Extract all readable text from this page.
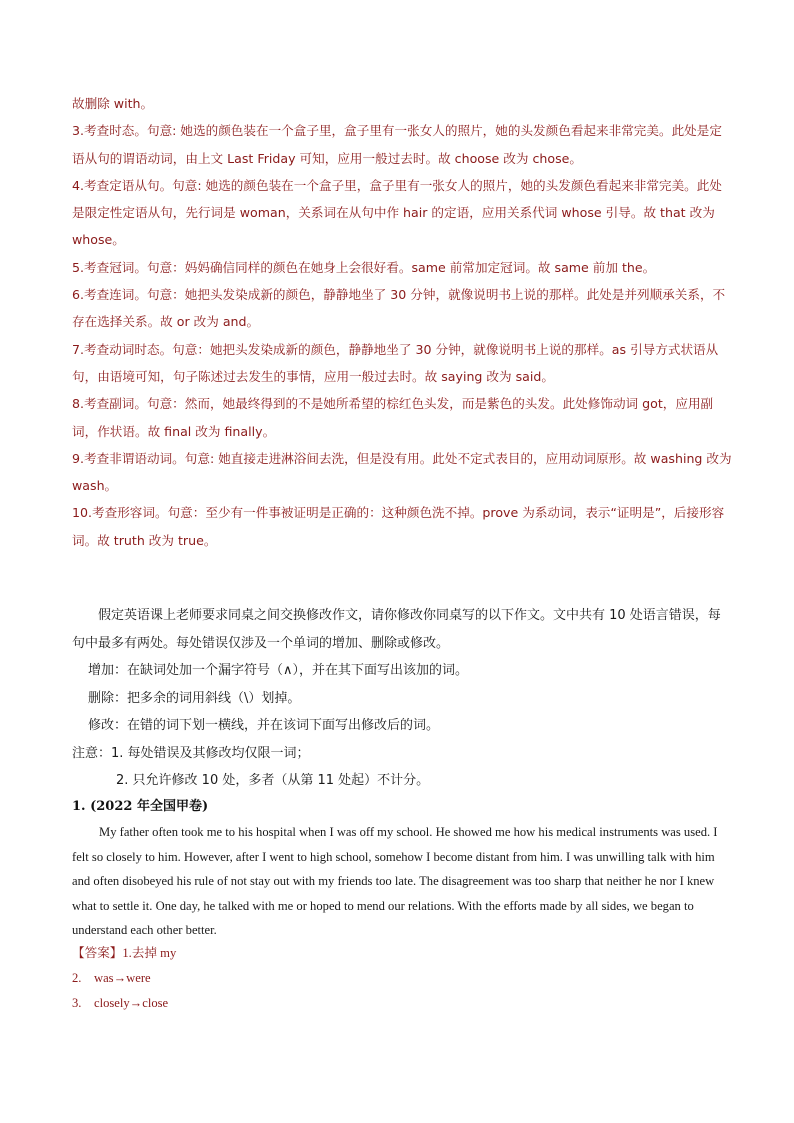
故删除 with。

3.考查时态。句意: 她选的颜色装在一个盒子里，盒子里有一张女人的照片，她的头发颜色看起来非常完美。此处是定语从句的谓语动词，由上文 Last Friday 可知，应用一般过去时。故 choose 改为 chose。

4.考查定语从句。句意: 她选的颜色装在一个盒子里，盒子里有一张女人的照片，她的头发颜色看起来非常完美。此处是限定性定语从句，先行词是 woman，关系词在从句中作 hair 的定语，应用关系代词 whose 引导。故 that 改为 whose。

5.考查冠词。句意：妈妈确信同样的颜色在她身上会很好看。same 前常加定冠词。故 same 前加 the。

6.考查连词。句意：她把头发染成新的颜色，静静地坐了 30 分钟，就像说明书上说的那样。此处是并列顺承关系，不存在选择关系。故 or 改为 and。

7.考查动词时态。句意：她把头发染成新的颜色，静静地坐了 30 分钟，就像说明书上说的那样。as 引导方式状语从句，由语境可知，句子陈述过去发生的事情，应用一般过去时。故 saying 改为 said。

8.考查副词。句意：然而，她最终得到的不是她所希望的棕红色头发，而是紫色的头发。此处修饰动词 got，应用副词，作状语。故 final 改为 finally。

9.考查非谓语动词。句意: 她直接走进淋浴间去洗，但是没有用。此处不定式表目的，应用动词原形。故 washing 改为 wash。

10.考查形容词。句意：至少有一件事被证明是正确的：这种颜色洗不掉。prove 为系动词，表示“证明是”，后接形容词。故 truth 改为 true。

假定英语课上老师要求同桌之间交换修改作文，请你修改你同桌写的以下作文。文中共有 10 处语言错误，每句中最多有两处。每处错误仅涉及一个单词的增加、删除或修改。

增加：在缺词处加一个漏字符号（∧），并在其下面写出该加的词。

删除：把多余的词用斜线（\）划掉。

修改：在错的词下划一横线，并在该词下面写出修改后的词。

注意：1. 每处错误及其修改均仅限一词；

2. 只允许修改 10 处，多者（从第 11 处起）不计分。

1. (2022 年全国甲卷)

My father often took me to his hospital when I was off my school. He showed me how his medical instruments was used. I felt so closely to him. However, after I went to high school, somehow I become distant from him. I was unwilling talk with him and often disobeyed his rule of not stay out with my friends too late. The disagreement was too sharp that neither he nor I knew what to settle it. One day, he talked with me or hoped to mend our relations. With the efforts made by all sides, we began to understand each other better.

【答案】1.去掉 my

2. was→were

3. closely→close
